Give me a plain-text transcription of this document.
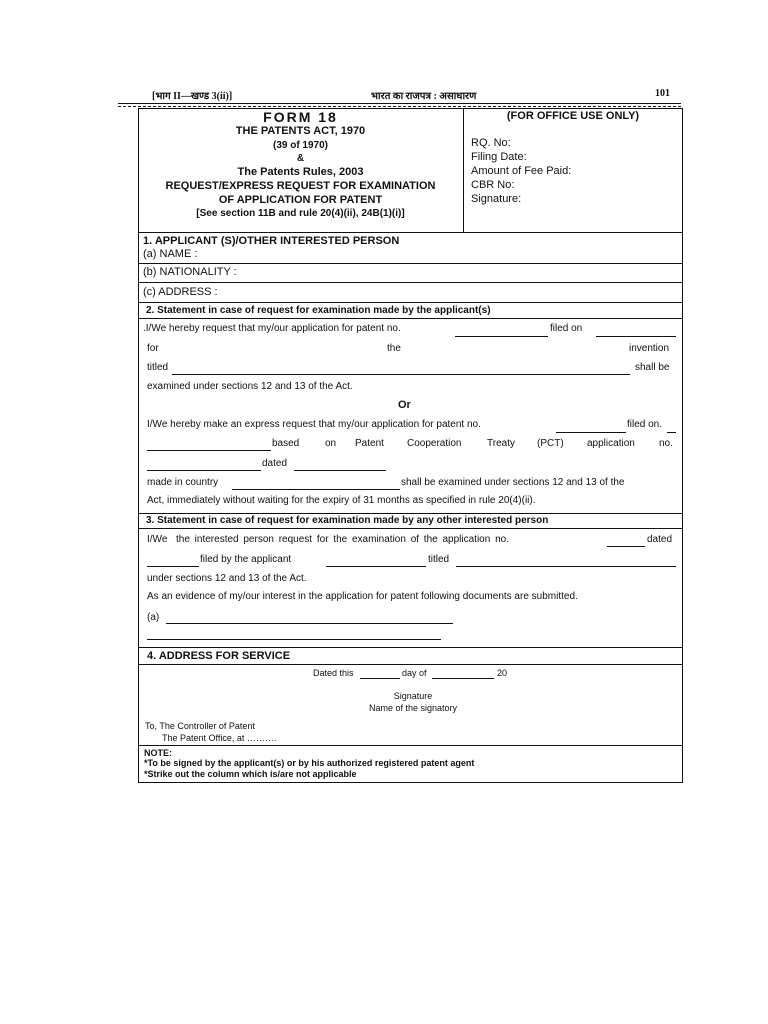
[भाग II—खण्ड 3(ii)]	भारत का राजपत्र : असाधारण	101
FORM 18
THE PATENTS ACT, 1970
(39 of 1970)
&
The Patents Rules, 2003
REQUEST/EXPRESS REQUEST FOR EXAMINATION
OF APPLICATION FOR PATENT
[See section 11B and rule 20(4)(ii), 24B(1)(i)]
(FOR OFFICE USE ONLY)
RQ. No:
Filing Date:
Amount of Fee Paid:
CBR No:
Signature:
1. APPLICANT (S)/OTHER INTERESTED PERSON
(a) NAME :
(b) NATIONALITY :
(c) ADDRESS :
2. Statement in case of request for examination made by the applicant(s)
.I/We hereby request that my/our application for patent no.	filed on
for	the	invention
titled	shall be
examined under sections 12 and 13 of the Act.
Or
I/We hereby make an express request that my/our application for patent no.	filed on.
based	on Patent Cooperation	Treaty (PCT) application no.
dated
made in country	shall be examined under sections 12 and 13 of the
Act, immediately without waiting for the expiry of 31 months as specified in rule 20(4)(ii).
3. Statement in case of request for examination made by any other interested person
I/We the interested person request for the examination of the application no.	dated
filed by the applicant	titled
under sections 12 and 13 of the Act.
As an evidence of my/our interest in the application for patent following documents are submitted.
(a)
4. ADDRESS FOR SERVICE
Dated this	day of	20
Signature
Name of the signatory
To, The Controller of Patent
The Patent Office, at ……….
NOTE:
*To be signed by the applicant(s) or by his authorized registered patent agent
*Strike out the column which is/are not applicable
